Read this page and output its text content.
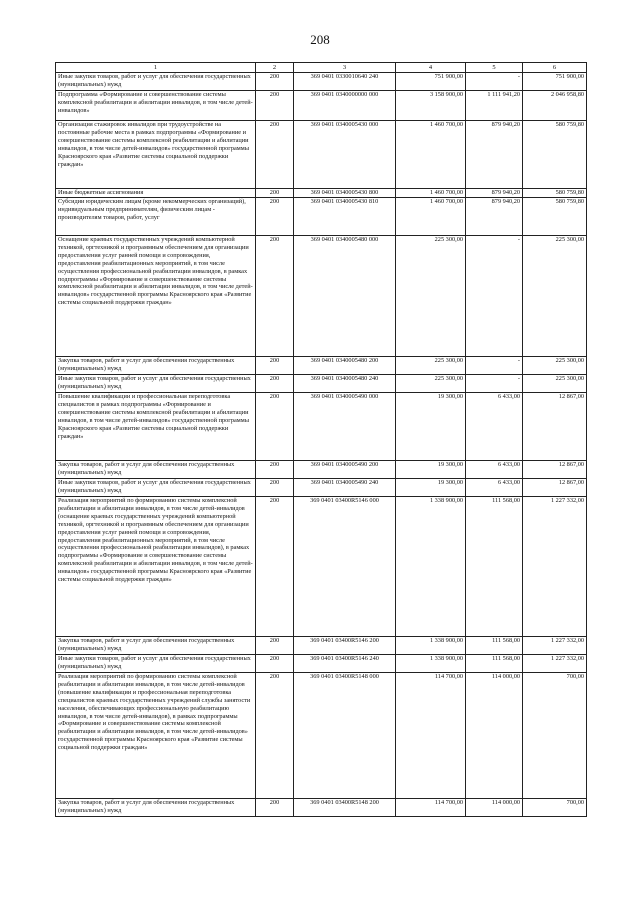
208
1	2	3	4	5	6
Иные закупки товаров, работ и услуг для обеспечения государственных (муниципальных) нужд	200	369 0401 0330010640 240	751 900,00	-	751 900,00
Подпрограмма «Формирование и совершенствование системы комплексной реабилитации и абилитации инвалидов, в том числе детей-инвалидов»	200	369 0401 0340000000 000	3 158 900,00	1 111 941,20	2 046 958,80
Организация стажировок инвалидов при трудоустройстве на постоянные рабочие места в рамках подпрограммы «Формирование и совершенствование системы комплексной реабилитации и абилитации инвалидов, в том числе детей-инвалидов» государственной программы Красноярского края «Развитие системы социальной поддержки граждан»	200	369 0401 0340005430 000	1 460 700,00	879 940,20	580 759,80
Иные бюджетные ассигнования	200	369 0401 0340005430 800	1 460 700,00	879 940,20	580 759,80
Субсидии юридическим лицам (кроме некоммерческих организаций), индивидуальным предпринимателям, физическим лицам - производителям товаров, работ, услуг	200	369 0401 0340005430 810	1 460 700,00	879 940,20	580 759,80
Оснащение краевых государственных учреждений компьютерной техникой, оргтехникой и программным обеспечением для организации предоставления услуг ранней помощи и сопровождения, предоставления реабилитационных мероприятий, в том числе осуществления профессиональной реабилитации инвалидов, в рамках подпрограммы «Формирование и совершенствование системы комплексной реабилитации и абилитации инвалидов, в том числе детей-инвалидов» государственной программы Красноярского края «Развитие системы социальной поддержки граждан»	200	369 0401 0340005480 000	225 300,00	-	225 300,00
Закупка товаров, работ и услуг для обеспечения государственных (муниципальных) нужд	200	369 0401 0340005480 200	225 300,00	-	225 300,00
Иные закупки товаров, работ и услуг для обеспечения государственных (муниципальных) нужд	200	369 0401 0340005480 240	225 300,00	-	225 300,00
Повышение квалификации и профессиональная переподготовка специалистов в рамках подпрограммы «Формирование и совершенствование системы комплексной реабилитации и абилитации инвалидов, в том числе детей-инвалидов» государственной программы Красноярского края «Развитие системы социальной поддержки граждан»	200	369 0401 0340005490 000	19 300,00	6 433,00	12 867,00
Закупка товаров, работ и услуг для обеспечения государственных (муниципальных) нужд	200	369 0401 0340005490 200	19 300,00	6 433,00	12 867,00
Иные закупки товаров, работ и услуг для обеспечения государственных (муниципальных) нужд	200	369 0401 0340005490 240	19 300,00	6 433,00	12 867,00
Реализация мероприятий по формированию системы комплексной реабилитации и абилитации инвалидов, в том числе детей-инвалидов (оснащение краевых государственных учреждений компьютерной техникой, оргтехникой и программным обеспечением для организации предоставления услуг ранней помощи и сопровождения, предоставления реабилитационных мероприятий, в том числе осуществления профессиональной реабилитации инвалидов), в рамках подпрограммы «Формирование и совершенствование системы комплексной реабилитации и абилитации инвалидов, в том числе детей-инвалидов» государственной программы Красноярского края «Развитие системы социальной поддержки граждан»	200	369 0401 03400R5146 000	1 338 900,00	111 568,00	1 227 332,00
Закупка товаров, работ и услуг для обеспечения государственных (муниципальных) нужд	200	369 0401 03400R5146 200	1 338 900,00	111 568,00	1 227 332,00
Иные закупки товаров, работ и услуг для обеспечения государственных (муниципальных) нужд	200	369 0401 03400R5146 240	1 338 900,00	111 568,00	1 227 332,00
Реализация мероприятий по формированию системы комплексной реабилитации и абилитации инвалидов, в том числе детей-инвалидов (повышение квалификации и профессиональная переподготовка специалистов краевых государственных учреждений службы занятости населения, обеспечивающих профессиональную реабилитацию инвалидов, в том числе детей-инвалидов), в рамках подпрограммы «Формирование и совершенствование системы комплексной реабилитации и абилитации инвалидов, в том числе детей-инвалидов» государственной программы Красноярского края «Развитие системы социальной поддержки граждан»	200	369 0401 03400R5148 000	114 700,00	114 000,00	700,00
Закупка товаров, работ и услуг для обеспечения государственных (муниципальных) нужд	200	369 0401 03400R5148 200	114 700,00	114 000,00	700,00
